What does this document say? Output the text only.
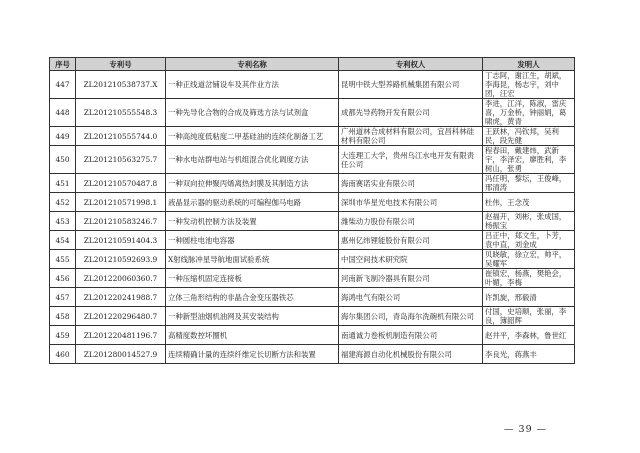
序号	专利号	专利名称	专利权人	发明人
447	ZL201210538737.X	一种正线道岔铺设车及其作业方法	昆明中铁大型养路机械集团有限公司	丁志阿，谢江生，胡斌，李海昆，杨志宇，刘中团，汪宏
448	ZL201210555548.3	一种先导化合物的合成及筛选方法与试剂盒	成都先导药物开发有限公司	李进，江洋，陈淑，雷庆喜，万金桥，钟丽娟，葛啸虎，黄青
449	ZL201210555744.0	一种高纯度低粘度二甲基硅油的连续化制备工艺	广州道林合成材料有限公司，宜昌科林硅材料有限公司	王跃林，冯钦邦，吴利民，段先健
450	ZL201210563275.7	一种水电站群电站与机组混合优化调度方法	大连理工大学，贵州乌江水电开发有限责任公司	程春田，戴建炜，武新宇，李泽宏，廖胜利，李树山，张勇
451	ZL201210570487.8	一种双向拉伸聚丙烯离热封膜及其制造方法	海南赛诺实业有限公司	冯任明，黎坛，王俊峰，邢清涛
452	ZL201210571998.1	液晶显示器的驱动系统的可编程伽马电路	深圳市华星光电技术有限公司	杜伟，王念茂
453	ZL201210583246.7	一种发动机控制方法及装置	潍柴动力股份有限公司	赵福开，刘彬，张成国，杨振宝
454	ZL201210591404.3	一种圆柱电池电容器	惠州亿纬锂能股份有限公司	吕正中，郑文生，卜芳，袁中直，刘金成
455	ZL201210592693.9	X射线脉冲星导航地面试验系统	中国空间技术研究院	贝晓敏，徐立宏，帅平，吴耀军
456	ZL201220060360.7	一种压缩机固定连接板	河南新飞制冷器具有限公司	崔镇宏，杨燕，樊艳会，叶媚，李梅
457	ZL201220241988.7	立体三角形结构的非晶合金变压器铁芯	海鸿电气有限公司	许凯旋，邢毅清
458	ZL201220296480.7	一种新型油烟机油网及其安装结构	海尔集团公司，青岛海尔洗碗机有限公司	付国，史培顺，张丽，李良，簿韶辉
459	ZL201220481196.7	高精度数控坏圈机	南通诚力卷板机制造有限公司	赵井平，李森林，鲁世红
460	ZL201280014527.9	连续精确计量的连续纤维定长切断方法和装置	福建海源自动化机械股份有限公司	李良光，蒋燕丰
— 39 —
